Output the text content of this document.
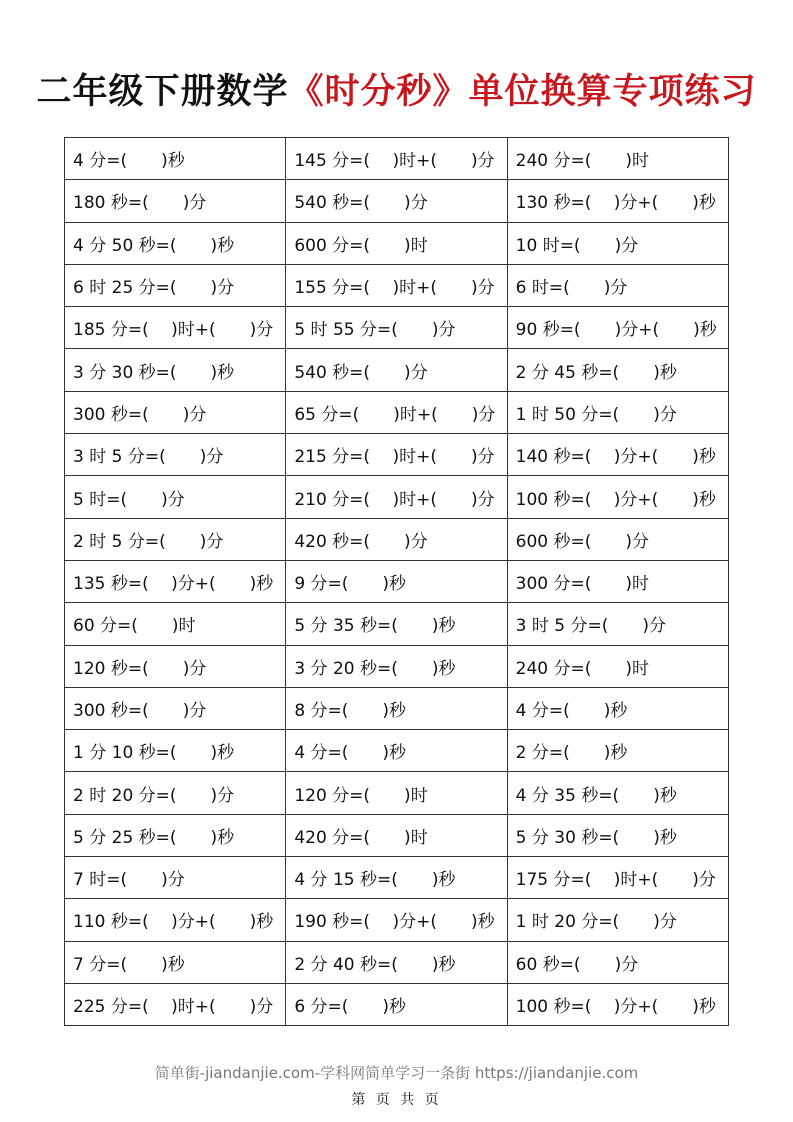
二年级下册数学《时分秒》单位换算专项练习
4 分=(　　)秒	145 分=(　 )时+(　　)分	240 分=(　　)时
180 秒=(　　)分	540 秒=(　　)分	130 秒=(　 )分+(　　)秒
4 分 50 秒=(　　)秒	600 分=(　　)时	10 时=(　　)分
6 时 25 分=(　　)分	155 分=(　 )时+(　　)分	6 时=(　　)分
185 分=(　 )时+(　　)分	5 时 55 分=(　　)分	90 秒=(　　)分+(　　)秒
3 分 30 秒=(　　)秒	540 秒=(　　)分	2 分 45 秒=(　　)秒
300 秒=(　　)分	65 分=(　　)时+(　　)分	1 时 50 分=(　　)分
3 时 5 分=(　　)分	215 分=(　 )时+(　　)分	140 秒=(　 )分+(　　)秒
5 时=(　　)分	210 分=(　 )时+(　　)分	100 秒=(　 )分+(　　)秒
2 时 5 分=(　　)分	420 秒=(　　)分	600 秒=(　　)分
135 秒=(　 )分+(　　)秒	9 分=(　　)秒	300 分=(　　)时
60 分=(　　)时	5 分 35 秒=(　　)秒	3 时 5 分=(　　)分
120 秒=(　　)分	3 分 20 秒=(　　)秒	240 分=(　　)时
300 秒=(　　)分	8 分=(　　)秒	4 分=(　　)秒
1 分 10 秒=(　　)秒	4 分=(　　)秒	2 分=(　　)秒
2 时 20 分=(　　)分	120 分=(　　)时	4 分 35 秒=(　　)秒
5 分 25 秒=(　　)秒	420 分=(　　)时	5 分 30 秒=(　　)秒
7 时=(　　)分	4 分 15 秒=(　　)秒	175 分=(　 )时+(　　)分
110 秒=(　 )分+(　　)秒	190 秒=(　 )分+(　　)秒	1 时 20 分=(　　)分
7 分=(　　)秒	2 分 40 秒=(　　)秒	60 秒=(　　)分
225 分=(　 )时+(　　)分	6 分=(　　)秒	100 秒=(　 )分+(　　)秒
简单街-jiandanjie.com-学科网简单学习一条街 https://jiandanjie.com
第 页 共 页
